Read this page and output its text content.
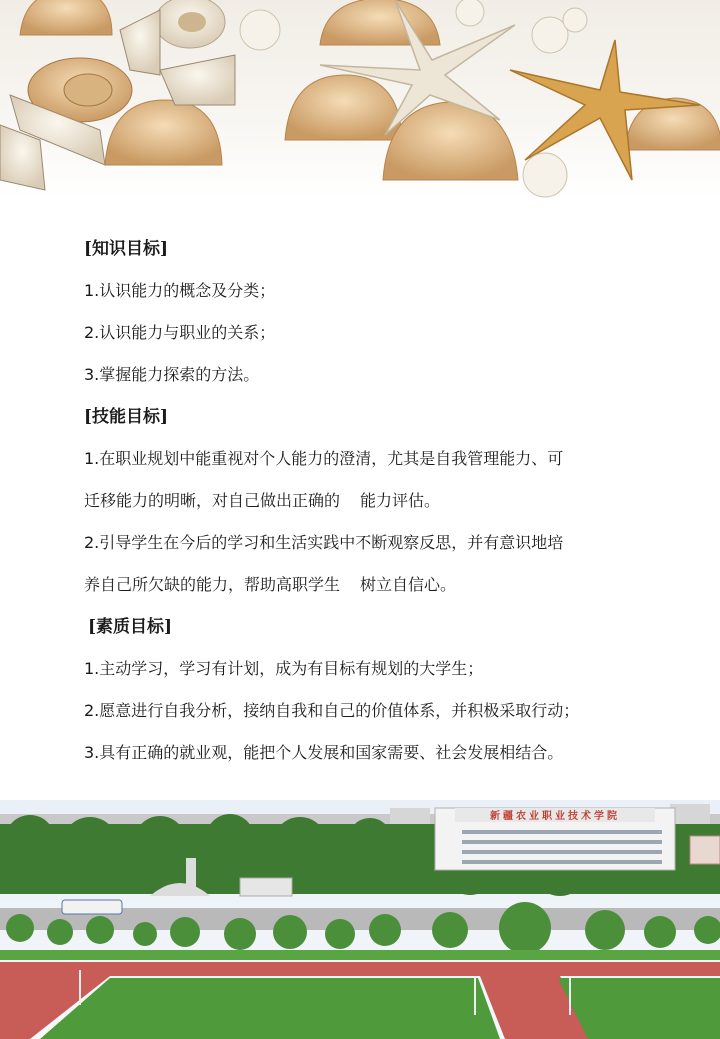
[知识目标]
1.认识能力的概念及分类；
2.认识能力与职业的关系；
3.掌握能力探索的方法。
[技能目标]
1.在职业规划中能重视对个人能力的澄清，尤其是自我管理能力、可
迁移能力的明晰，对自己做出正确的 能力评估。
2.引导学生在今后的学习和生活实践中不断观察反思，并有意识地培
养自己所欠缺的能力，帮助高职学生 树立自信心。
[素质目标]
1.主动学习，学习有计划，成为有目标有规划的大学生；
2.愿意进行自我分析，接纳自我和自己的价值体系，并积极采取行动；
3.具有正确的就业观，能把个人发展和国家需要、社会发展相结合。
新疆农业职业技术学院
